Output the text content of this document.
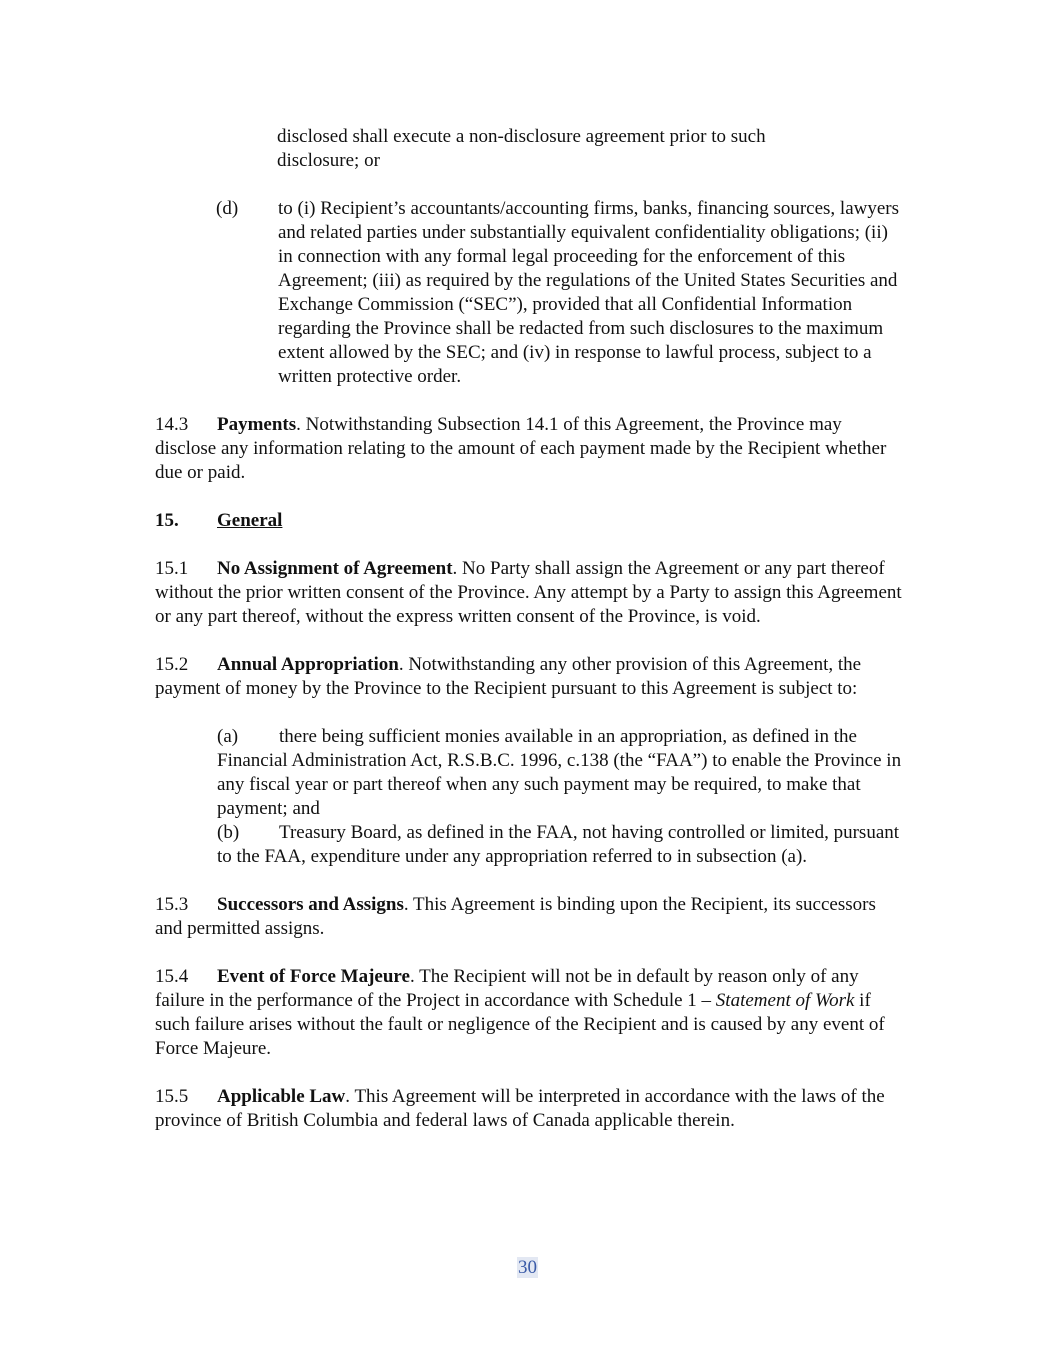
disclosed shall execute a non-disclosure agreement prior to such

disclosure; or

(d) to (i) Recipient’s accountants/accounting firms, banks, financing sources, lawyers and related parties under substantially equivalent confidentiality obligations; (ii) in connection with any formal legal proceeding for the enforcement of this Agreement; (iii) as required by the regulations of the United States Securities and Exchange Commission (“SEC”), provided that all Confidential Information regarding the Province shall be redacted from such disclosures to the maximum extent allowed by the SEC; and (iv) in response to lawful process, subject to a written protective order.

14.3 Payments. Notwithstanding Subsection 14.1 of this Agreement, the Province may disclose any information relating to the amount of each payment made by the Recipient whether due or paid.

15. General

15.1 No Assignment of Agreement. No Party shall assign the Agreement or any part thereof without the prior written consent of the Province. Any attempt by a Party to assign this Agreement or any part thereof, without the express written consent of the Province, is void.

15.2 Annual Appropriation. Notwithstanding any other provision of this Agreement, the payment of money by the Province to the Recipient pursuant to this Agreement is subject to:

(a) there being sufficient monies available in an appropriation, as defined in the Financial Administration Act, R.S.B.C. 1996, c.138 (the “FAA”) to enable the Province in any fiscal year or part thereof when any such payment may be required, to make that payment; and

(b) Treasury Board, as defined in the FAA, not having controlled or limited, pursuant to the FAA, expenditure under any appropriation referred to in subsection (a).

15.3 Successors and Assigns. This Agreement is binding upon the Recipient, its successors and permitted assigns.

15.4 Event of Force Majeure. The Recipient will not be in default by reason only of any failure in the performance of the Project in accordance with Schedule 1 – Statement of Work if such failure arises without the fault or negligence of the Recipient and is caused by any event of Force Majeure.

15.5 Applicable Law. This Agreement will be interpreted in accordance with the laws of the province of British Columbia and federal laws of Canada applicable therein.

30
